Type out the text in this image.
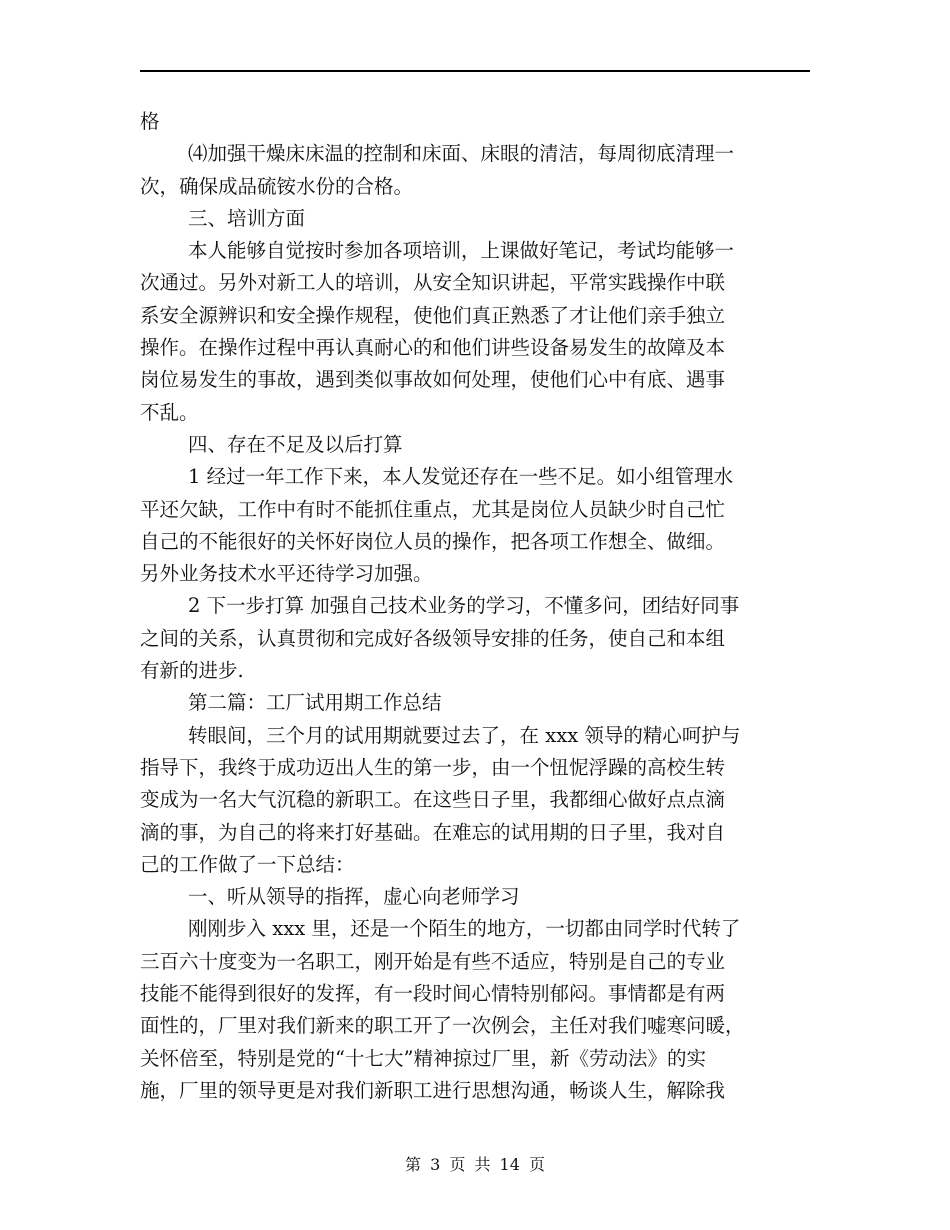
格
⑷加强干燥床床温的控制和床面、床眼的清洁，每周彻底清理一
次，确保成品硫铵水份的合格。
三、培训方面
本人能够自觉按时参加各项培训，上课做好笔记，考试均能够一
次通过。另外对新工人的培训，从安全知识讲起，平常实践操作中联
系安全源辨识和安全操作规程，使他们真正熟悉了才让他们亲手独立
操作。在操作过程中再认真耐心的和他们讲些设备易发生的故障及本
岗位易发生的事故，遇到类似事故如何处理，使他们心中有底、遇事
不乱。
四、存在不足及以后打算
1 经过一年工作下来，本人发觉还存在一些不足。如小组管理水
平还欠缺，工作中有时不能抓住重点，尤其是岗位人员缺少时自己忙
自己的不能很好的关怀好岗位人员的操作，把各项工作想全、做细。
另外业务技术水平还待学习加强。
2 下一步打算 加强自己技术业务的学习，不懂多问，团结好同事
之间的关系，认真贯彻和完成好各级领导安排的任务，使自己和本组
有新的进步.
第二篇：工厂试用期工作总结
转眼间，三个月的试用期就要过去了，在 xxx 领导的精心呵护与
指导下，我终于成功迈出人生的第一步，由一个忸怩浮躁的高校生转
变成为一名大气沉稳的新职工。在这些日子里，我都细心做好点点滴
滴的事，为自己的将来打好基础。在难忘的试用期的日子里，我对自
己的工作做了一下总结：
一、听从领导的指挥，虚心向老师学习
刚刚步入 xxx 里，还是一个陌生的地方，一切都由同学时代转了
三百六十度变为一名职工，刚开始是有些不适应，特别是自己的专业
技能不能得到很好的发挥，有一段时间心情特别郁闷。事情都是有两
面性的，厂里对我们新来的职工开了一次例会，主任对我们嘘寒问暖，
关怀倍至，特别是党的“十七大”精神掠过厂里，新《劳动法》的实
施，厂里的领导更是对我们新职工进行思想沟通，畅谈人生，解除我
第 3 页 共 14 页
